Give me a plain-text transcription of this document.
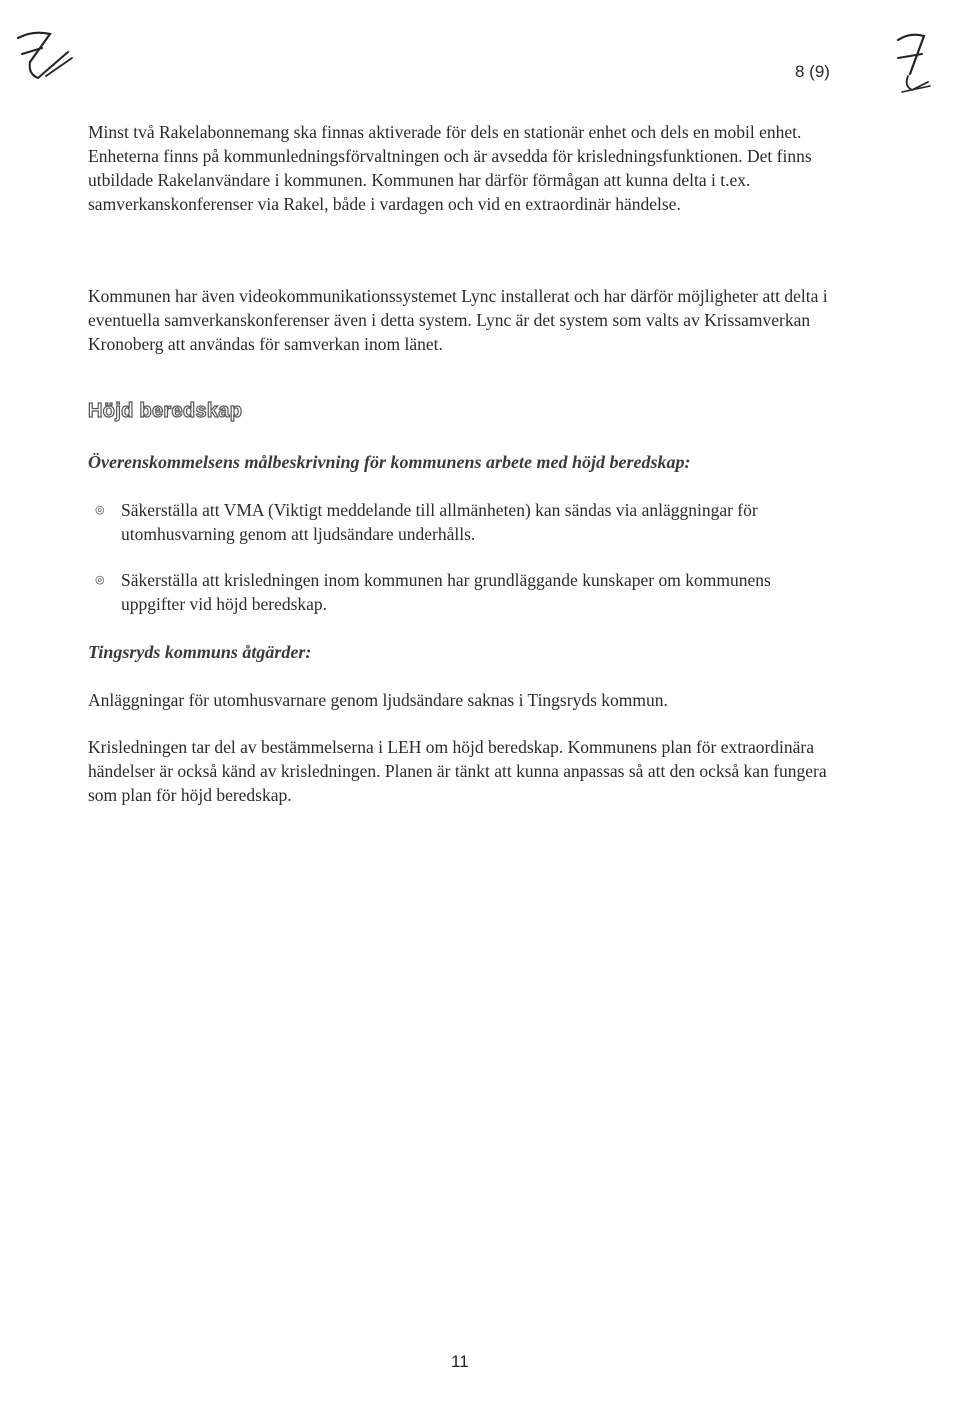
8 (9)

Minst två Rakelabonnemang ska finnas aktiverade för dels en stationär enhet och dels en mobil enhet. Enheterna finns på kommunledningsförvaltningen och är avsedda för krisledningsfunktionen. Det finns utbildade Rakelanvändare i kommunen. Kommunen har därför förmågan att kunna delta i t.ex. samverkanskonferenser via Rakel, både i vardagen och vid en extraordinär händelse.

Kommunen har även videokommunikationssystemet Lync installerat och har därför möjligheter att delta i eventuella samverkanskonferenser även i detta system. Lync är det system som valts av Krissamverkan Kronoberg att användas för samverkan inom länet.

Höjd beredskap
Överenskommelsens målbeskrivning för kommunens arbete med höjd beredskap:
◎ Säkerställa att VMA (Viktigt meddelande till allmänheten) kan sändas via anläggningar för utomhusvarning genom att ljudsändare underhålls.
◎ Säkerställa att krisledningen inom kommunen har grundläggande kunskaper om kommunens uppgifter vid höjd beredskap.
Tingsryds kommuns åtgärder:

Anläggningar för utomhusvarnare genom ljudsändare saknas i Tingsryds kommun.

Krisledningen tar del av bestämmelserna i LEH om höjd beredskap. Kommunens plan för extraordinära händelser är också känd av krisledningen. Planen är tänkt att kunna anpassas så att den också kan fungera som plan för höjd beredskap.

11
